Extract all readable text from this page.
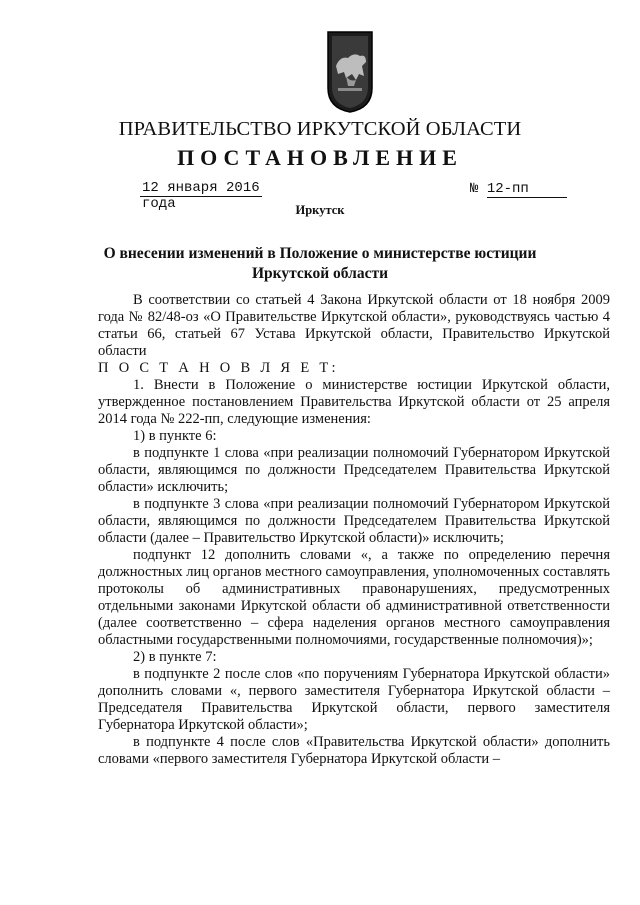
ПРАВИТЕЛЬСТВО ИРКУТСКОЙ ОБЛАСТИ
ПОСТАНОВЛЕНИЕ
12 января 2016 года
№ 12-пп
Иркутск
О внесении изменений в Положение о министерстве юстиции Иркутской области

В соответствии со статьей 4 Закона Иркутской области от 18 ноября 2009 года № 82/48-оз «О Правительстве Иркутской области», руководствуясь частью 4 статьи 66, статьей 67 Устава Иркутской области, Правительство Иркутской области

П О С Т А Н О В Л Я Е Т:

1. Внести в Положение о министерстве юстиции Иркутской области, утвержденное постановлением Правительства Иркутской области от 25 апреля 2014 года № 222-пп, следующие изменения:

1) в пункте 6:

в подпункте 1 слова «при реализации полномочий Губернатором Иркутской области, являющимся по должности Председателем Правительства Иркутской области» исключить;

в подпункте 3 слова «при реализации полномочий Губернатором Иркутской области, являющимся по должности Председателем Правительства Иркутской области (далее – Правительство Иркутской области)» исключить;

подпункт 12 дополнить словами «, а также по определению перечня должностных лиц органов местного самоуправления, уполномоченных составлять протоколы об административных правонарушениях, предусмотренных отдельными законами Иркутской области об административной ответственности (далее соответственно – сфера наделения органов местного самоуправления областными государственными полномочиями, государственные полномочия)»;

2) в пункте 7:

в подпункте 2 после слов «по поручениям Губернатора Иркутской области» дополнить словами «, первого заместителя Губернатора Иркутской области – Председателя Правительства Иркутской области, первого заместителя Губернатора Иркутской области»;

в подпункте 4 после слов «Правительства Иркутской области» дополнить словами «первого заместителя Губернатора Иркутской области –
